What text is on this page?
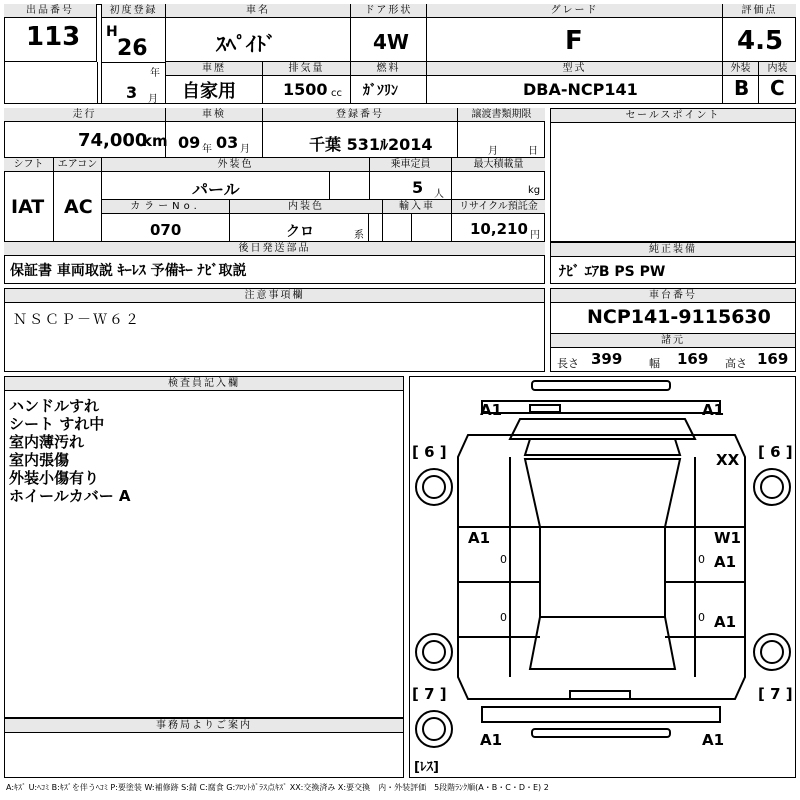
出品番号
113
初度登録
H
26
年
3 月
車名
ｽﾍﾟｲﾄﾞ
ドア形状
4W
グレード
F
評価点
4.5
車歴
自家用
排気量
1500 cc
燃料
ｶﾞｿﾘﾝ
型式
DBA-NCP141
外装
B
内装
C
走行
74,000
km
車検
09 年 03 月
登録番号
千葉 531ﾙ2014
譲渡書類期限
月	日
シフト
IAT
エアコン
AC
外装色
パール
乗車定員
5 人
最大積載量
kg
カラーNo.
070
内装色
クロ	系
輸入車	リサイクル預託金
10,210 円
後日発送部品
保証書 車両取説 ｷｰﾚｽ 予備ｷｰ ﾅﾋﾞ取説
セールスポイント
純正装備
ﾅﾋﾞ ｴｱB PS PW
注意事項欄
ＮＳＣＰ－Ｗ６２
車台番号
NCP141-9115630
諸元
長さ 399 幅 169 高さ 169
検査員記入欄
ハンドルすれ
シート すれ中
室内薄汚れ
室内張傷
外装小傷有り
ホイールカバー A
事務局よりご案内
A1	A1
[ 6 ]	[ 6 ]
XX
A1	W1
A1
A1
[ 7 ]	[ 7 ]
A1	A1
[ﾚｽ]
0	0
0	0
A:ｷｽﾞ U:ﾍｺﾐ B:ｷｽﾞを伴うﾍｺﾐ P:要塗装 W:補修跡 S:錆 C:腐食 G:ﾌﾛﾝﾄｶﾞﾗｽ点ｷｽﾞ XX:交換済み X:要交換　内・外装評価　5段階ﾗﾝｸ順(A・B・C・D・E) 2
